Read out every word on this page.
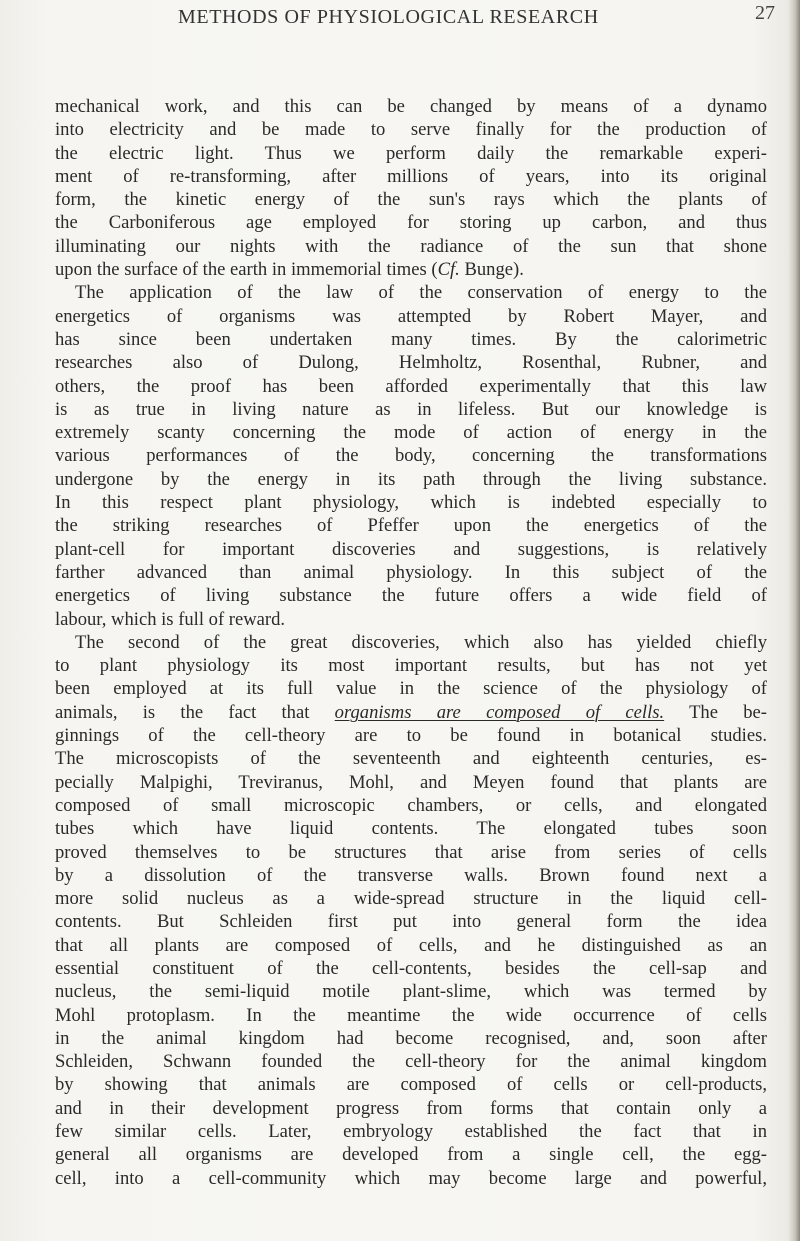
METHODS OF PHYSIOLOGICAL RESEARCH	27
mechanical work, and this can be changed by means of a dynamo
into electricity and be made to serve finally for the production of
the electric light. Thus we perform daily the remarkable experi-
ment of re-transforming, after millions of years, into its original
form, the kinetic energy of the sun's rays which the plants of
the Carboniferous age employed for storing up carbon, and thus
illuminating our nights with the radiance of the sun that shone
upon the surface of the earth in immemorial times (Cf. Bunge).
The application of the law of the conservation of energy to the
energetics of organisms was attempted by Robert Mayer, and
has since been undertaken many times. By the calorimetric
researches also of Dulong, Helmholtz, Rosenthal, Rubner, and
others, the proof has been afforded experimentally that this law
is as true in living nature as in lifeless. But our knowledge is
extremely scanty concerning the mode of action of energy in the
various performances of the body, concerning the transformations
undergone by the energy in its path through the living substance.
In this respect plant physiology, which is indebted especially to
the striking researches of Pfeffer upon the energetics of the
plant-cell for important discoveries and suggestions, is relatively
farther advanced than animal physiology. In this subject of the
energetics of living substance the future offers a wide field of
labour, which is full of reward.
The second of the great discoveries, which also has yielded chiefly
to plant physiology its most important results, but has not yet
been employed at its full value in the science of the physiology of
animals, is the fact that organisms are composed of cells. The be-
ginnings of the cell-theory are to be found in botanical studies.
The microscopists of the seventeenth and eighteenth centuries, es-
pecially Malpighi, Treviranus, Mohl, and Meyen found that plants are
composed of small microscopic chambers, or cells, and elongated
tubes which have liquid contents. The elongated tubes soon
proved themselves to be structures that arise from series of cells
by a dissolution of the transverse walls. Brown found next a
more solid nucleus as a wide-spread structure in the liquid cell-
contents. But Schleiden first put into general form the idea
that all plants are composed of cells, and he distinguished as an
essential constituent of the cell-contents, besides the cell-sap and
nucleus, the semi-liquid motile plant-slime, which was termed by
Mohl protoplasm. In the meantime the wide occurrence of cells
in the animal kingdom had become recognised, and, soon after
Schleiden, Schwann founded the cell-theory for the animal kingdom
by showing that animals are composed of cells or cell-products,
and in their development progress from forms that contain only a
few similar cells. Later, embryology established the fact that in
general all organisms are developed from a single cell, the egg-
cell, into a cell-community which may become large and powerful,
